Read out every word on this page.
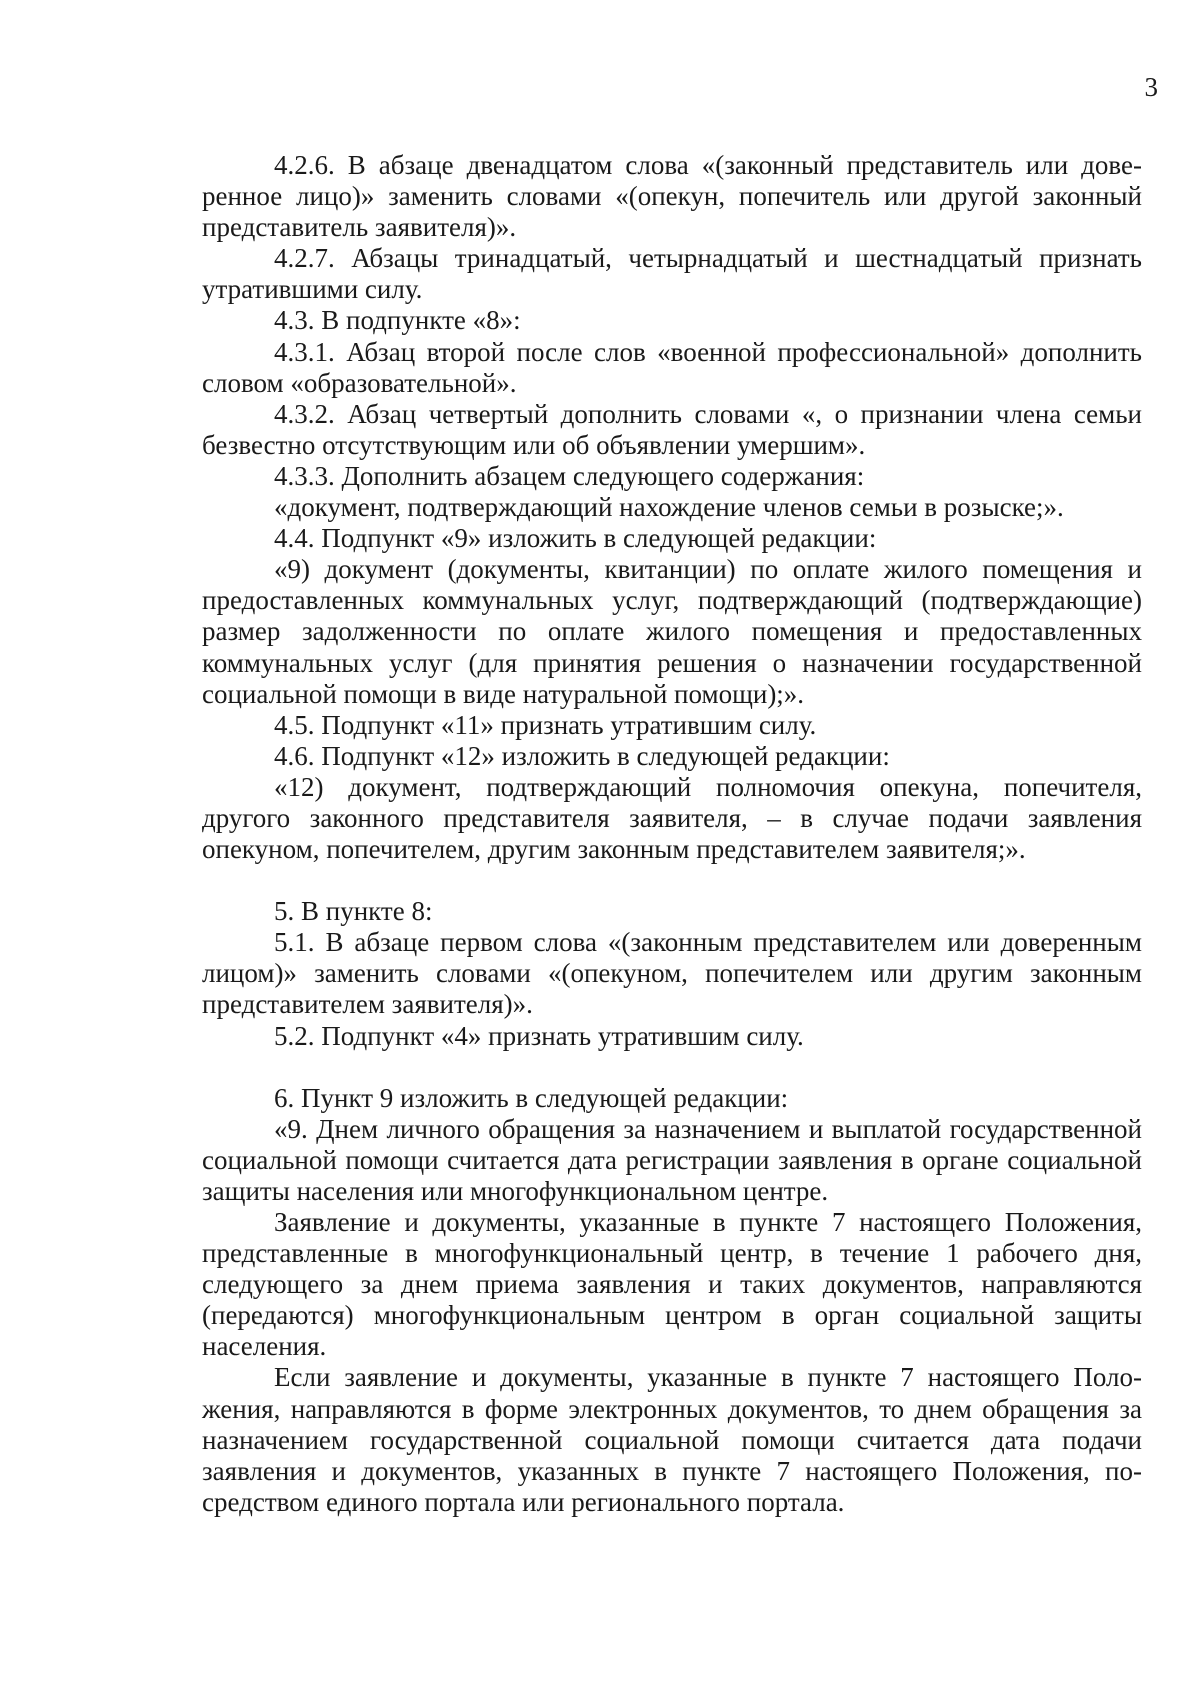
3

4.2.6. В абзаце двенадцатом слова «(законный представитель или доверенное лицо)» заменить словами «(опекун, попечитель или другой законный представитель заявителя)».

4.2.7. Абзацы тринадцатый, четырнадцатый и шестнадцатый признать утратившими силу.

4.3. В подпункте «8»:

4.3.1. Абзац второй после слов «военной профессиональной» дополнить словом «образовательной».

4.3.2. Абзац четвертый дополнить словами «, о признании члена семьи безвестно отсутствующим или об объявлении умершим».

4.3.3. Дополнить абзацем следующего содержания:

«документ, подтверждающий нахождение членов семьи в розыске;».

4.4. Подпункт «9» изложить в следующей редакции:

«9) документ (документы, квитанции) по оплате жилого помещения и предоставленных коммунальных услуг, подтверждающий (подтверждающие) размер задолженности по оплате жилого помещения и предоставленных коммунальных услуг (для принятия решения о назначении государственной социальной помощи в виде натуральной помощи);».

4.5. Подпункт «11» признать утратившим силу.

4.6. Подпункт «12» изложить в следующей редакции:

«12) документ, подтверждающий полномочия опекуна, попечителя, другого законного представителя заявителя, – в случае подачи заявления опекуном, попечителем, другим законным представителем заявителя;».

5. В пункте 8:

5.1. В абзаце первом слова «(законным представителем или доверенным лицом)» заменить словами «(опекуном, попечителем или другим законным представителем заявителя)».

5.2. Подпункт «4» признать утратившим силу.

6. Пункт 9 изложить в следующей редакции:

«9. Днем личного обращения за назначением и выплатой государственной социальной помощи считается дата регистрации заявления в органе социальной защиты населения или многофункциональном центре.

Заявление и документы, указанные в пункте 7 настоящего Положения, представленные в многофункциональный центр, в течение 1 рабочего дня, следующего за днем приема заявления и таких документов, направляются (передаются) многофункциональным центром в орган социальной защиты населения.

Если заявление и документы, указанные в пункте 7 настоящего Положения, направляются в форме электронных документов, то днем обращения за назначением государственной социальной помощи считается дата подачи заявления и документов, указанных в пункте 7 настоящего Положения, посредством единого портала или регионального портала.
